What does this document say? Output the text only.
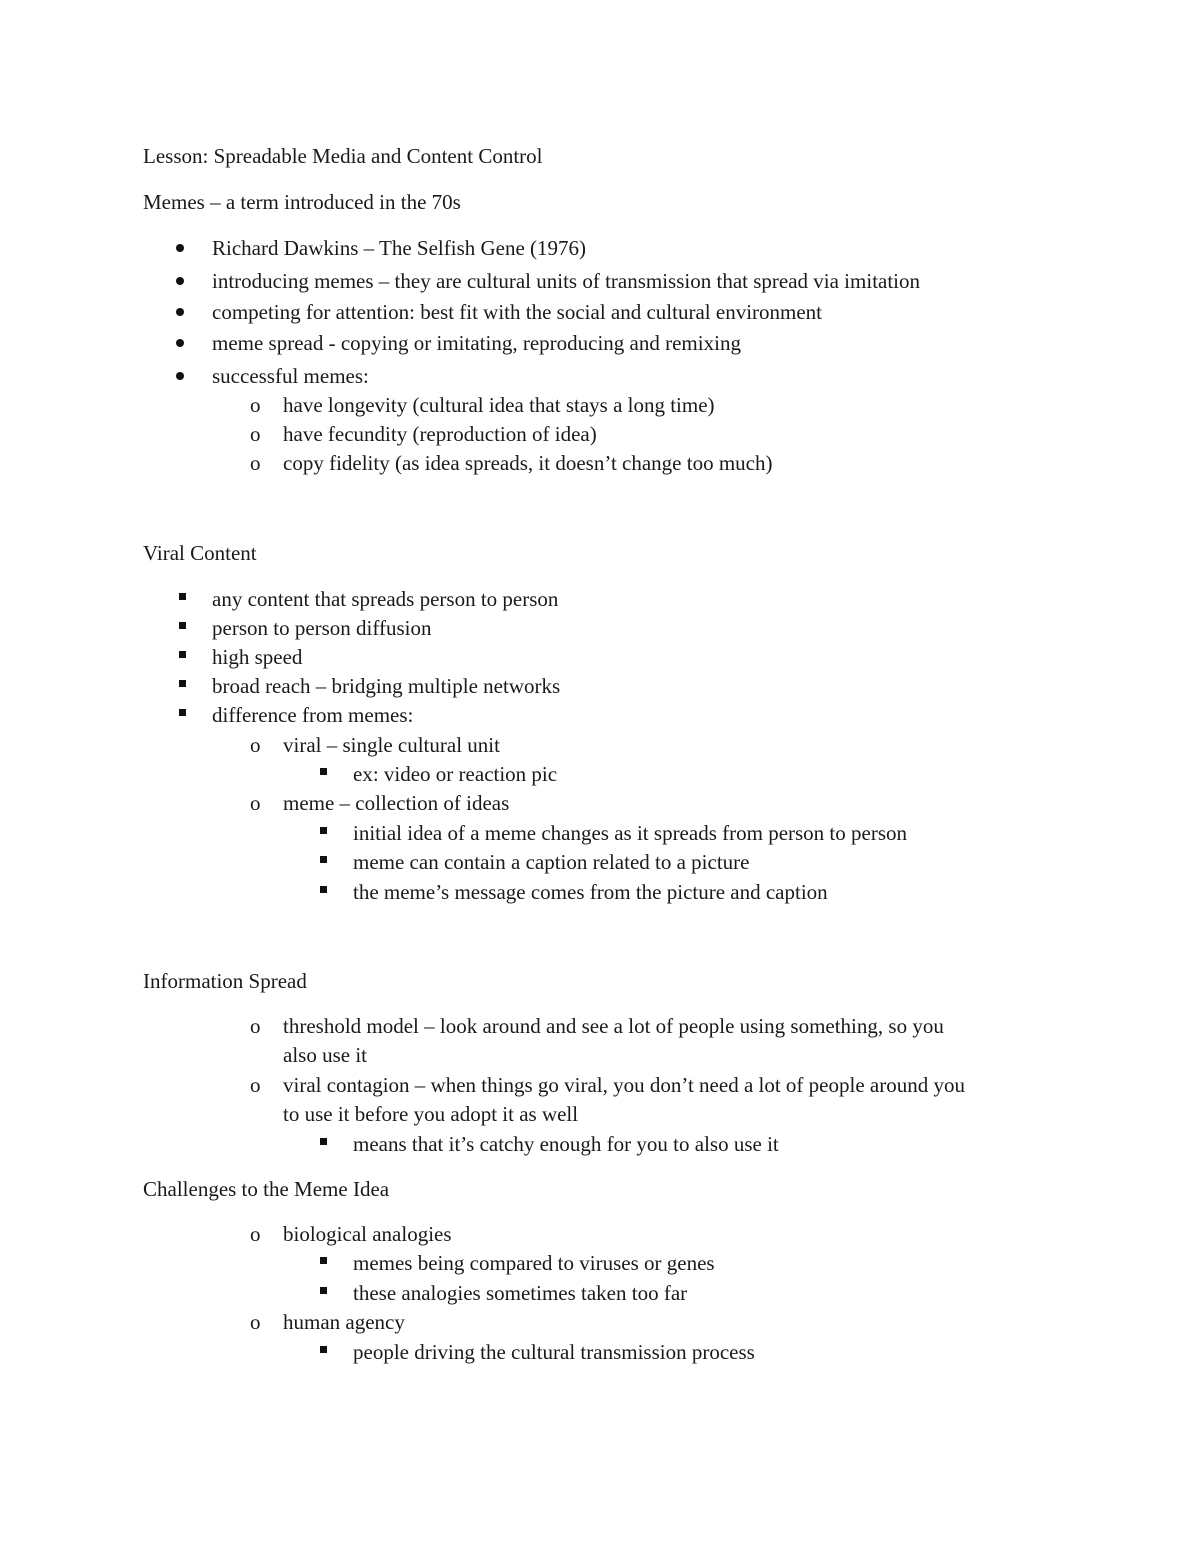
Lesson: Spreadable Media and Content Control
Memes – a term introduced in the 70s
Richard Dawkins – The Selfish Gene (1976)
introducing memes – they are cultural units of transmission that spread via imitation
competing for attention: best fit with the social and cultural environment
meme spread - copying or imitating, reproducing and remixing
successful memes:
o have longevity (cultural idea that stays a long time)
o have fecundity (reproduction of idea)
o copy fidelity (as idea spreads, it doesn’t change too much)
Viral Content
any content that spreads person to person
person to person diffusion
high speed
broad reach – bridging multiple networks
difference from memes:
o viral – single cultural unit
ex: video or reaction pic
o meme – collection of ideas
initial idea of a meme changes as it spreads from person to person
meme can contain a caption related to a picture
the meme’s message comes from the picture and caption
Information Spread
o threshold model – look around and see a lot of people using something, so you
also use it
o viral contagion – when things go viral, you don’t need a lot of people around you
to use it before you adopt it as well
means that it’s catchy enough for you to also use it
Challenges to the Meme Idea
o biological analogies
memes being compared to viruses or genes
these analogies sometimes taken too far
o human agency
people driving the cultural transmission process
